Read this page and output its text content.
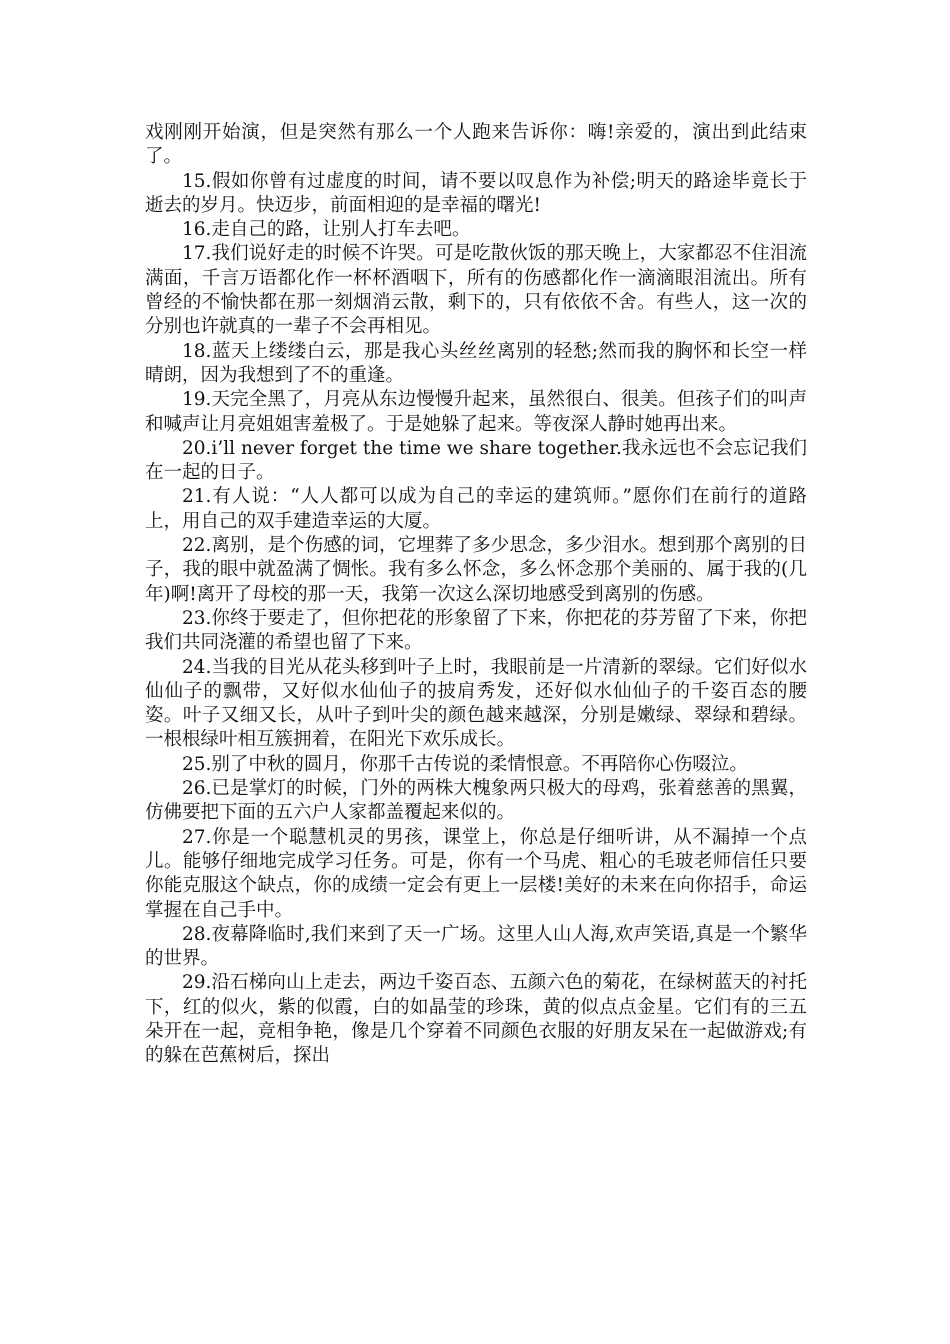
戏刚刚开始演，但是突然有那么一个人跑来告诉你：嗨!亲爱的，演出到此结束了。

15.假如你曾有过虚度的时间，请不要以叹息作为补偿;明天的路途毕竟长于逝去的岁月。快迈步，前面相迎的是幸福的曙光!

16.走自己的路，让别人打车去吧。

17.我们说好走的时候不许哭。可是吃散伙饭的那天晚上，大家都忍不住泪流满面，千言万语都化作一杯杯酒咽下，所有的伤感都化作一滴滴眼泪流出。所有曾经的不愉快都在那一刻烟消云散，剩下的，只有依依不舍。有些人，这一次的分别也许就真的一辈子不会再相见。

18.蓝天上缕缕白云，那是我心头丝丝离别的轻愁;然而我的胸怀和长空一样晴朗，因为我想到了不的重逢。

19.天完全黑了，月亮从东边慢慢升起来，虽然很白、很美。但孩子们的叫声和喊声让月亮姐姐害羞极了。于是她躲了起来。等夜深人静时她再出来。

20.i’ll never forget the time we share together.我永远也不会忘记我们在一起的日子。

21.有人说：“人人都可以成为自己的幸运的建筑师。”愿你们在前行的道路上，用自己的双手建造幸运的大厦。

22.离别，是个伤感的词，它埋葬了多少思念，多少泪水。想到那个离别的日子，我的眼中就盈满了惆怅。我有多么怀念，多么怀念那个美丽的、属于我的(几年)啊!离开了母校的那一天，我第一次这么深切地感受到离别的伤感。

23.你终于要走了，但你把花的形象留了下来，你把花的芬芳留了下来，你把我们共同浇灌的希望也留了下来。

24.当我的目光从花头移到叶子上时，我眼前是一片清新的翠绿。它们好似水仙仙子的飘带，又好似水仙仙子的披肩秀发，还好似水仙仙子的千姿百态的腰姿。叶子又细又长，从叶子到叶尖的颜色越来越深，分别是嫩绿、翠绿和碧绿。一根根绿叶相互簇拥着，在阳光下欢乐成长。

25.别了中秋的圆月，你那千古传说的柔情恨意。不再陪你心伤啜泣。

26.已是掌灯的时候，门外的两株大槐象两只极大的母鸡，张着慈善的黑翼，仿佛要把下面的五六户人家都盖覆起来似的。

27.你是一个聪慧机灵的男孩，课堂上，你总是仔细听讲，从不漏掉一个点儿。能够仔细地完成学习任务。可是，你有一个马虎、粗心的毛玻老师信任只要你能克服这个缺点，你的成绩一定会有更上一层楼!美好的未来在向你招手，命运掌握在自己手中。

28.夜幕降临时,我们来到了天一广场。这里人山人海,欢声笑语,真是一个繁华的世界。

29.沿石梯向山上走去，两边千姿百态、五颜六色的菊花，在绿树蓝天的衬托下，红的似火，紫的似霞，白的如晶莹的珍珠，黄的似点点金星。它们有的三五朵开在一起，竞相争艳，像是几个穿着不同颜色衣服的好朋友呆在一起做游戏;有的躲在芭蕉树后，探出
